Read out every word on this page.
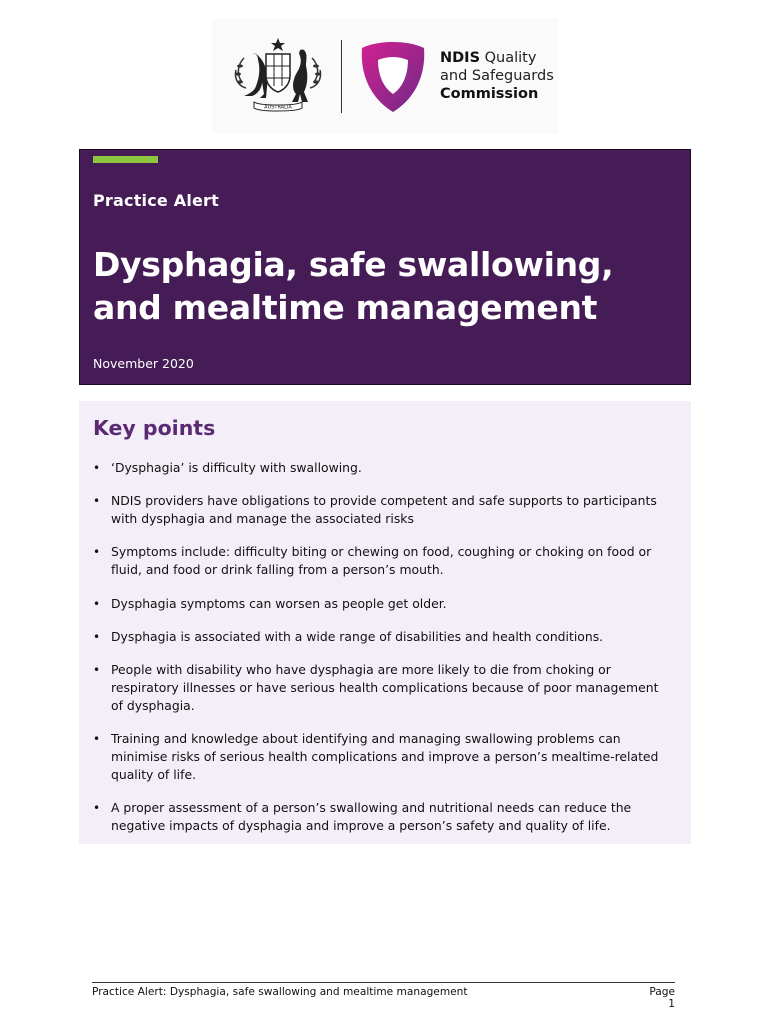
AUSTRALIA
NDIS Quality
and Safeguards
Commission
Practice Alert
Dysphagia, safe swallowing, and mealtime management
November 2020
Key points
• ‘Dysphagia’ is difficulty with swallowing.
• NDIS providers have obligations to provide competent and safe supports to participants with dysphagia and manage the associated risks
• Symptoms include: difficulty biting or chewing on food, coughing or choking on food or fluid, and food or drink falling from a person’s mouth.
• Dysphagia symptoms can worsen as people get older.
• Dysphagia is associated with a wide range of disabilities and health conditions.
• People with disability who have dysphagia are more likely to die from choking or respiratory illnesses or have serious health complications because of poor management of dysphagia.
• Training and knowledge about identifying and managing swallowing problems can minimise risks of serious health complications and improve a person’s mealtime-related quality of life.
• A proper assessment of a person’s swallowing and nutritional needs can reduce the negative impacts of dysphagia and improve a person’s safety and quality of life.
Practice Alert: Dysphagia, safe swallowing and mealtime management	Page 1
